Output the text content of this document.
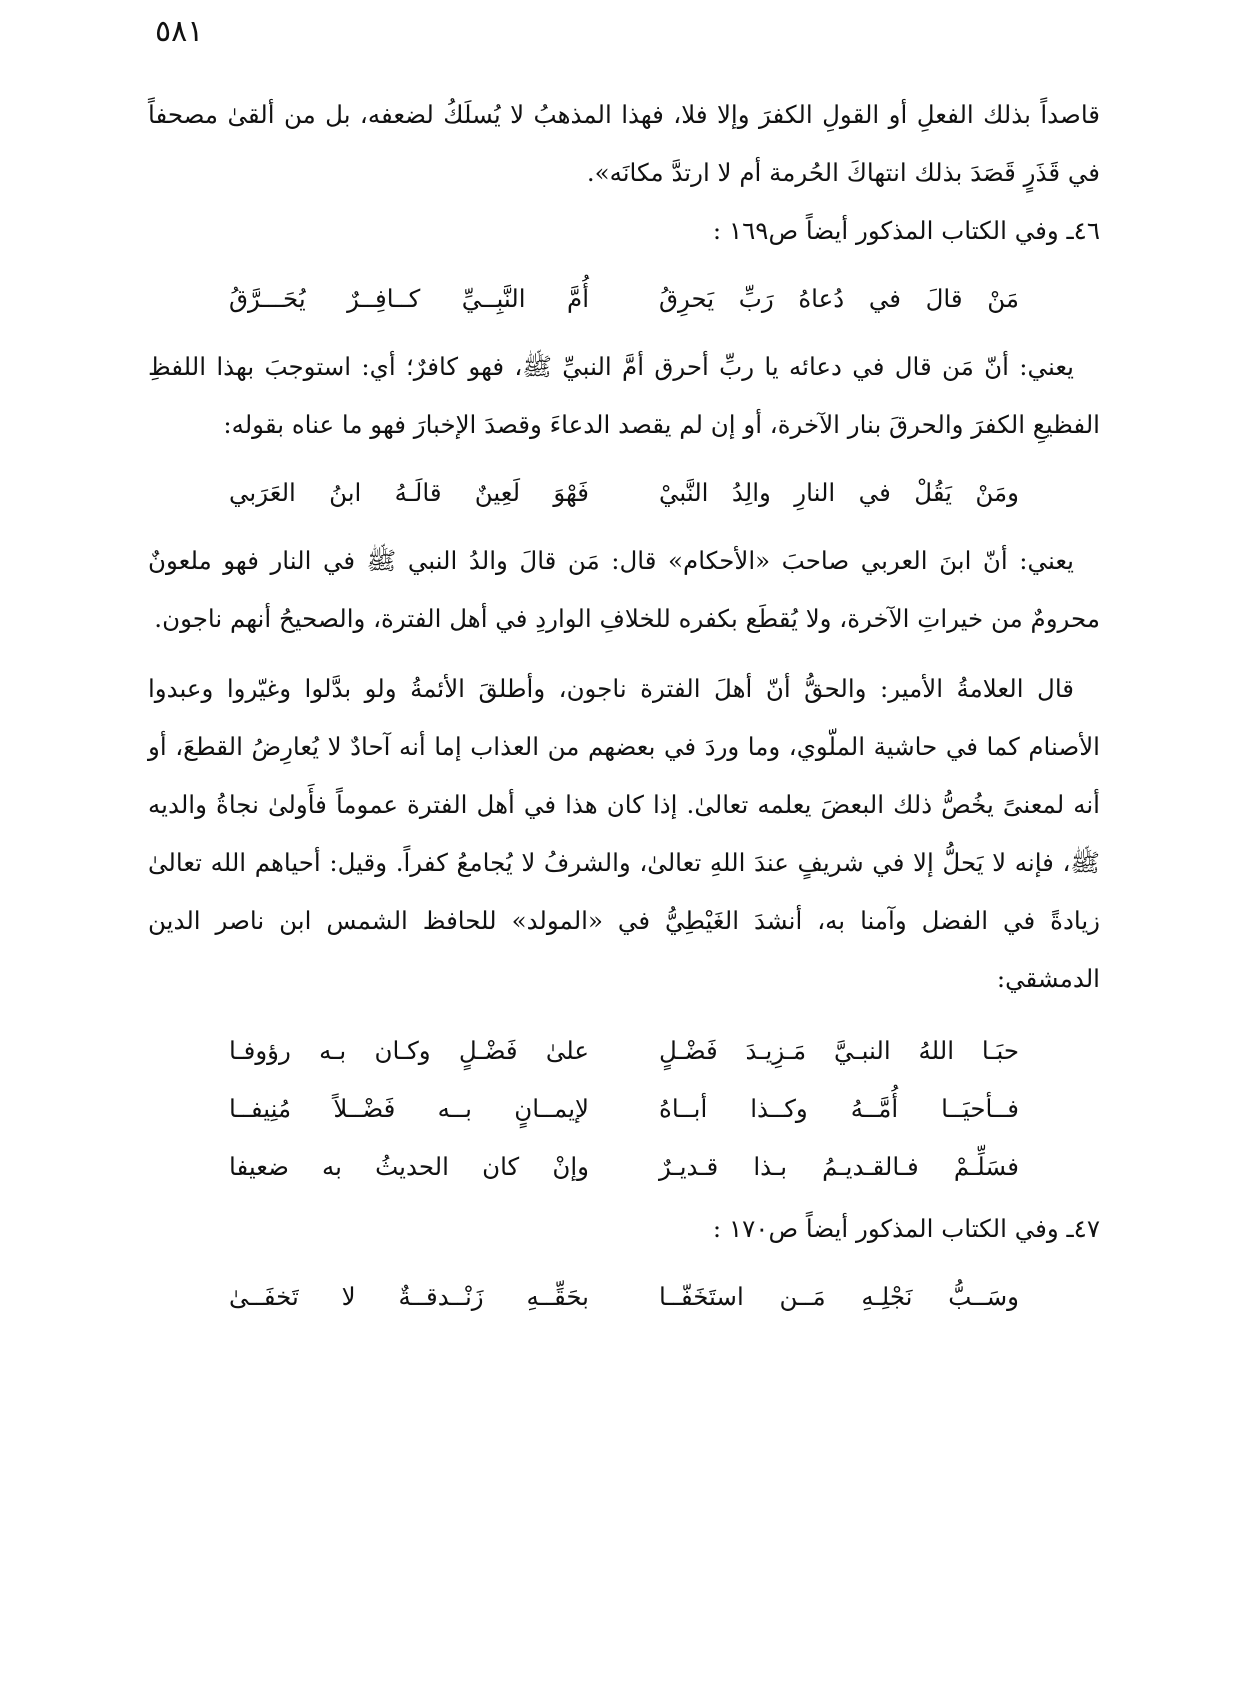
٥٨١

قاصداً بذلك الفعلِ أو القولِ الكفرَ وإلا فلا، فهذا المذهبُ لا يُسلَكُ لضعفه، بل من ألقىٰ مصحفاً في قَذَرٍ قَصَدَ بذلك انتهاكَ الحُرمة أم لا ارتدَّ مكانَه».

٤٦ـ وفي الكتاب المذكور أيضاً ص١٦٩ :

مَنْ قالَ في دُعاهُ رَبِّ يَحرِقُ
أُمَّ النَّبِــيِّ كــافِــرٌ يُحَـــرَّقُ

يعني: أنّ مَن قال في دعائه يا ربِّ أحرق أمَّ النبيِّ ﷺ، فهو كافرٌ؛ أي: استوجبَ بهذا اللفظِ الفظيعِ الكفرَ والحرقَ بنار الآخرة، أو إن لم يقصد الدعاءَ وقصدَ الإخبارَ فهو ما عناه بقوله:

ومَنْ يَقُلْ في النارِ والِدُ النَّبيْ
فَهْوَ لَعِينٌ قالَـهُ ابنُ العَرَبي

يعني: أنّ ابنَ العربي صاحبَ «الأحكام» قال: مَن قالَ والدُ النبي ﷺ في النار فهو ملعونٌ محرومٌ من خيراتِ الآخرة، ولا يُقطَع بكفره للخلافِ الواردِ في أهل الفترة، والصحيحُ أنهم ناجون.

قال العلامةُ الأمير: والحقُّ أنّ أهلَ الفترة ناجون، وأطلقَ الأئمةُ ولو بدَّلوا وغيّروا وعبدوا الأصنام كما في حاشية الملّوي، وما وردَ في بعضهم من العذاب إما أنه آحادٌ لا يُعارِضُ القطعَ، أو أنه لمعنىً يخُصُّ ذلك البعضَ يعلمه تعالىٰ. إذا كان هذا في أهل الفترة عموماً فأَولىٰ نجاةُ والديه ﷺ، فإنه لا يَحلُّ إلا في شريفٍ عندَ اللهِ تعالىٰ، والشرفُ لا يُجامعُ كفراً. وقيل: أحياهم الله تعالىٰ زيادةً في الفضل وآمنا به، أنشدَ الغَيْطِيُّ في «المولد» للحافظ الشمس ابن ناصر الدين الدمشقي:

حبَـا اللهُ النبـيَّ مَـزِيـدَ فَضْـلٍ
علىٰ فَضْـلٍ وكـان بـه رؤوفـا
فــأحيَــا أُمَّــهُ وكــذا أبــاهُ
لإيمــانٍ بــه فَضْــلاً مُنِيفــا
فسَلِّـمْ فـالقـديـمُ بـذا قـديـرٌ
وإنْ كان الحديثُ به ضعيفا

٤٧ـ وفي الكتاب المذكور أيضاً ص١٧٠ :

وسَــبُّ نَجْلِـهِ مَــن استَخَفّــا
بحَقِّــهِ زَنْــدقــةٌ لا تَخفَــىٰ
